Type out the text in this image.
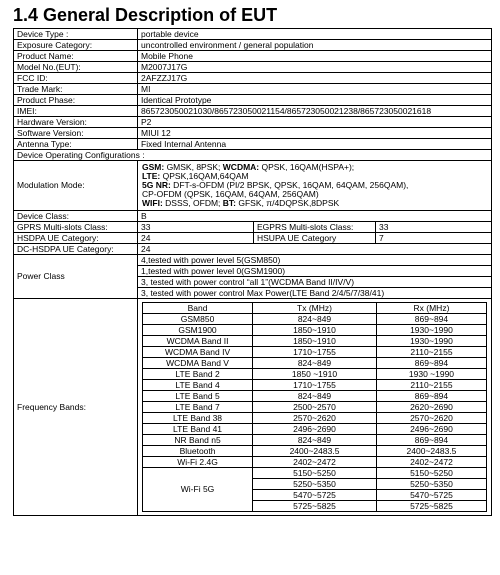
1.4 General Description of EUT
Device Type :	portable device
Exposure Category:	uncontrolled environment / general population
Product Name:	Mobile Phone
Model No.(EUT):	M2007J17G
FCC ID:	2AFZZJ17G
Trade Mark:	MI
Product Phase:	Identical Prototype
IMEI:	865723050021030/865723050021154/865723050021238/865723050021618
Hardware Version:	P2
Software Version:	MIUI 12
Antenna Type:	Fixed Internal Antenna
Device Operating Configurations :
Modulation Mode:	
GSM: GMSK, 8PSK; WCDMA: QPSK, 16QAM(HSPA+);
LTE: QPSK,16QAM,64QAM
5G NR: DFT-s-OFDM (PI/2 BPSK, QPSK, 16QAM, 64QAM, 256QAM),
CP-OFDM (QPSK, 16QAM, 64QAM, 256QAM)
WIFI: DSSS, OFDM; BT: GFSK, π/4DQPSK,8DPSK

Device Class:	B
GPRS Multi-slots Class:	33	EGPRS Multi-slots Class:	33
HSDPA UE Category:	24	HSUPA UE Category	7
DC-HSDPA UE Category:	24
Power Class	4,tested with power level 5(GSM850)
1,tested with power level 0(GSM1900)
3, tested with power control “all 1”(WCDMA Band II/IV/V)
3, tested with power control Max Power(LTE Band 2/4/5/7/38/41)
Frequency Bands:	
Band	Tx (MHz)	Rx (MHz)
GSM850	824~849	869~894
GSM1900	1850~1910	1930~1990
WCDMA Band II	1850~1910	1930~1990
WCDMA Band IV	1710~1755	2110~2155
WCDMA Band V	824~849	869~894
LTE Band 2	1850 ~1910	1930 ~1990
LTE Band 4	1710~1755	2110~2155
LTE Band 5	824~849	869~894
LTE Band 7	2500~2570	2620~2690
LTE Band 38	2570~2620	2570~2620
LTE Band 41	2496~2690	2496~2690
NR Band n5	824~849	869~894
Bluetooth	2400~2483.5	2400~2483.5
Wi-Fi 2.4G	2402~2472	2402~2472
Wi-Fi 5G	5150~5250	5150~5250
5250~5350	5250~5350
5470~5725	5470~5725
5725~5825	5725~5825
